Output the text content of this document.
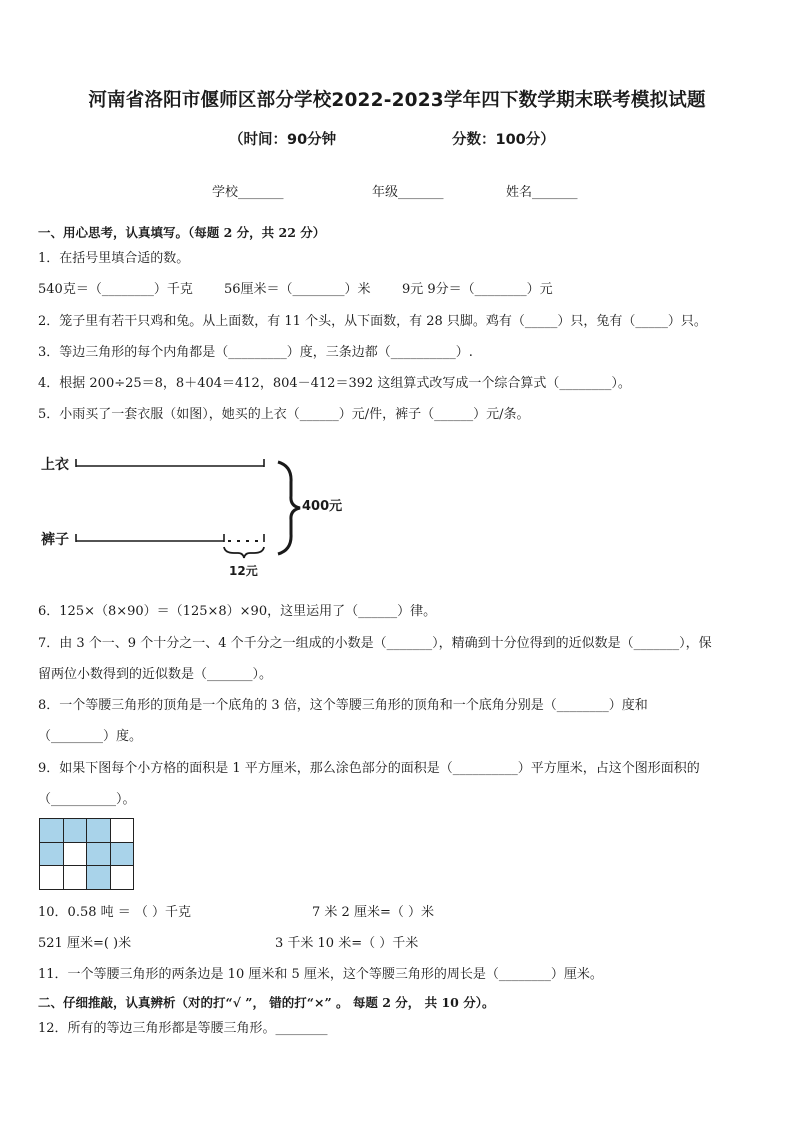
河南省洛阳市偃师区部分学校2022-2023学年四下数学期末联考模拟试题
（时间：90分钟	分数：100分）
学校_______	年级_______	姓名_______
一、用心思考，认真填写。（每题 2 分，共 22 分）
1．在括号里填合适的数。
540克＝（________）千克 56厘米＝（________）米 9元 9分＝（________）元
2．笼子里有若干只鸡和兔。从上面数，有 11 个头，从下面数，有 28 只脚。鸡有（_____）只，兔有（_____）只。
3．等边三角形的每个内角都是（_________）度，三条边都（__________）.
4．根据 200÷25＝8，8＋404＝412，804－412＝392 这组算式改写成一个综合算式（________）。
5．小雨买了一套衣服（如图），她买的上衣（______）元/件，裤子（______）元/条。
上衣
400元
裤子
12元
6．125×（8×90）＝（125×8）×90，这里运用了（______）律。
7．由 3 个一、9 个十分之一、4 个千分之一组成的小数是（_______），精确到十分位得到的近似数是（_______），保
留两位小数得到的近似数是（_______）。
8．一个等腰三角形的顶角是一个底角的 3 倍，这个等腰三角形的顶角和一个底角分别是（________）度和
（________）度。
9．如果下图每个小方格的面积是 1 平方厘米，那么涂色部分的面积是（__________）平方厘米，占这个图形面积的
（__________）。
10．0.58 吨 ＝ （ ）千克	7 米 2 厘米=（ ）米
521 厘米=( )米	3 千米 10 米=（ ）千米
11．一个等腰三角形的两条边是 10 厘米和 5 厘米，这个等腰三角形的周长是（________）厘米。
二、仔细推敲，认真辨析（对的打“√ ”， 错的打“×” 。 每题 2 分， 共 10 分）。
12．所有的等边三角形都是等腰三角形。________
